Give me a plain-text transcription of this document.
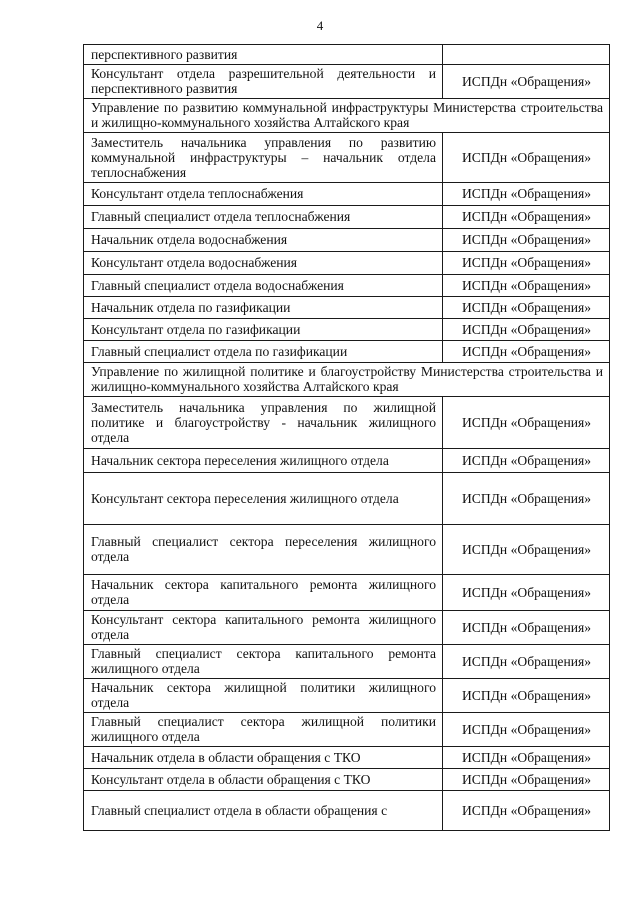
4
перспективного развития	
Консультант отдела разрешительной деятельности и перспективного развития	ИСПДн «Обращения»
Управление по развитию коммунальной инфраструктуры Министерства строительства и жилищно-коммунального хозяйства Алтайского края	
Заместитель начальника управления по развитию коммунальной инфраструктуры – начальник отдела теплоснабжения	ИСПДн «Обращения»
Консультант отдела теплоснабжения	ИСПДн «Обращения»
Главный специалист отдела теплоснабжения	ИСПДн «Обращения»
Начальник отдела водоснабжения	ИСПДн «Обращения»
Консультант отдела водоснабжения	ИСПДн «Обращения»
Главный специалист отдела водоснабжения	ИСПДн «Обращения»
Начальник отдела по газификации	ИСПДн «Обращения»
Консультант отдела по газификации	ИСПДн «Обращения»
Главный специалист отдела по газификации	ИСПДн «Обращения»
Управление по жилищной политике и благоустройству Министерства строительства и жилищно-коммунального хозяйства Алтайского края	
Заместитель начальника управления по жилищной политике и благоустройству - начальник жилищного отдела	ИСПДн «Обращения»
Начальник сектора переселения жилищного отдела	ИСПДн «Обращения»
Консультант сектора переселения жилищного отдела	ИСПДн «Обращения»
Главный специалист сектора переселения жилищного отдела	ИСПДн «Обращения»
Начальник сектора капитального ремонта жилищного отдела	ИСПДн «Обращения»
Консультант сектора капитального ремонта жилищного отдела	ИСПДн «Обращения»
Главный специалист сектора капитального ремонта жилищного отдела	ИСПДн «Обращения»
Начальник сектора жилищной политики жилищного отдела	ИСПДн «Обращения»
Главный специалист сектора жилищной политики жилищного отдела	ИСПДн «Обращения»
Начальник отдела в области обращения с ТКО	ИСПДн «Обращения»
Консультант отдела в области обращения с ТКО	ИСПДн «Обращения»
Главный специалист отдела в области обращения с	ИСПДн «Обращения»
